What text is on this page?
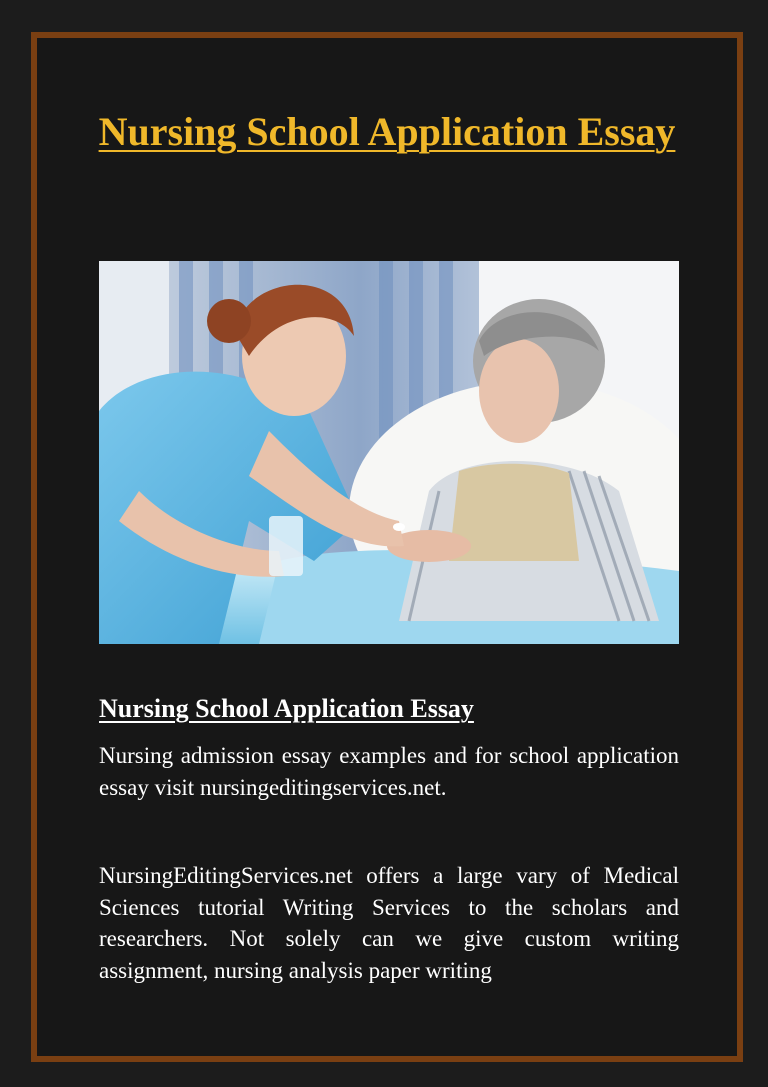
Nursing School Application Essay
Nursing School Application Essay

Nursing admission essay examples and for school application essay visit nursingeditingservices.net.

NursingEditingServices.net offers a large vary of Medical Sciences tutorial Writing Services to the scholars and researchers. Not solely can we give custom writing assignment, nursing analysis paper writing
